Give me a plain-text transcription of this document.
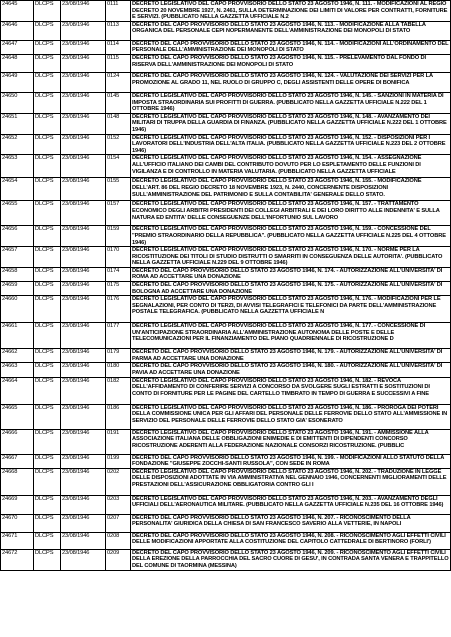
24645	DLCPS	23/08/1946	0111	DECRETO LEGISLATIVO DEL CAPO PROVVISORIO DELLO STATO 23 AGOSTO 1946, N. 111. - MODIFICAZIONI AL REGIO DECRETO 20 NOVEMBRE 1927, N. 2461, SULLA DETERMINAZIONE DEI LIMITI DI VALORE PER CONTRATTI, FORNITURE E SERVIZI. (PUBBLICATO NELLA GAZZETTA UFFICIALE N.2

24646	DLCPS	23/08/1946	0113	DECRETO DEL CAPO PROVVISORIO DELLO STATO 23 AGOSTO 1946, N. 113. - MODIFICAZIONE ALLA TABELLA ORGANICA DEL PERSONALE CEPI NOPERMANENTE DELL'AMMINISTRAZIONE DEI MONOPOLI DI STATO

24647	DLCPS	23/08/1946	0114	DECRETO DEL CAPO PROVVISORIO DELLO STATO 23 AGOSTO 1946, N. 114. - MODIFICAZIONI ALL'ORDINAMENTO DEL PERSONALE DELL'AMMINISTRAZIONE DEI MONOPOLI DI STATO

24648	DLCPS	23/08/1946	0115	DECRETO DEL CAPO PROVVISORIO DELLO STATO 23 AGOSTO 1946, N. 115. - PRELEVAMENTO DAL FONDO DI RISERVA DELL'AMMINISTRAZIONE DEI MONOPOLI DI STATO

24649	DLCPS	23/08/1946	0124	DECRETO DEL CAPO PROVVISORIO DELLO STATO 23 AGOSTO 1946, N. 124. - VALUTAZIONE DEI SERVIZI PER LA PROMOZIONE AL GRADO 11, NEL RUOLO DI GRUPPO C, DEGLI ASSISTENTI DELLE OPERE DI BONIFICA

24650	DLCPS	23/08/1946	0145	DECRETO LEGISLATIVO DEL CAPO PROVVISORIO DELLO STATO 23 AGOSTO 1946, N. 145. - SANZIONI IN MATERIA DI IMPOSTA STRAORDINARIA SUI PROFITTI DI GUERRA. (PUBBLICATO NELLA GAZZETTA UFFICIALE N.222 DEL 1 OTTOBRE 1946)

24651	DLCPS	23/08/1946	0148	DECRETO LEGISLATIVO DEL CAPO PROVVISORIO DELLO STATO 23 AGOSTO 1946, N. 148. - AVANZAMENTO DEI MILITARI DI TRUPPA DELLA GUARDIA DI FINANZA. (PUBBLICATO NELLA GAZZETTA UFFICIALE N.222 DEL 1 OTTOBRE 1946)

24652	DLCPS	23/08/1946	0152	DECRETO LEGISLATIVO DEL CAPO PROVVISORIO DELLO STATO 23 AGOSTO 1946, N. 152. - DISPOSIZIONI PER I LAVORATORI DELL'INDUSTRIA DELL'ALTA ITALIA. (PUBBLICATO NELLA GAZZETTA UFFICIALE N.223 DEL 2 OTTOBRE 1946)

24653	DLCPS	23/08/1946	0154	DECRETO LEGISLATIVO DEL CAPO PROVVISORIO DELLO STATO 23 AGOSTO 1946, N. 154. - ASSEGNAZIONE ALL'UFFICIO ITALIANO DEI CAMBI DEL CONTRIBUTO DOVUTO PER LO ESPLETAMENTO DELLE FUNZIONI DI VIGILANZA E DI CONTROLLO IN MATERIA VALUTARIA. (PUBBLICATO NELLA GAZZETTA UFFICIALE

24654	DLCPS	23/08/1946	0155	DECRETO LEGISLATIVO DEL CAPO PROVVISORIO DELLO STATO 23 AGOSTO 1946, N. 155. - MODIFICAZIONE DELL'ART. 86 DEL REGIO DECRETO 18 NOVEMBRE 1923, N. 2440, CONCERNENTE DISPOSIZIONI SULL'AMMINISTRAZIONE DEL PATRIMONIO E SULLA CONTABILITA' GENERALE DELLO STATO.

24655	DLCPS	23/08/1946	0157	DECRETO LEGISLATIVO DEL CAPO PROVVISORIO DELLO STATO 23 AGOSTO 1946, N. 157. - TRATTAMENTO ECONOMICO DEGLI ARBITRI PRESIDENTI DEI COLLEGI ARBITRALI E DEI LORO DIRITTO ALLE INDENNITA' E SULLA NATURA ED ENTITA' DELLE CONSEGUENZE DELL'INFORTUNIO SUL LAVORO

24656	DLCPS	23/08/1946	0159	DECRETO LEGISLATIVO DEL CAPO PROVVISORIO DELLO STATO 23 AGOSTO 1946, N. 159. - CONCESSIONE DEL "PREMIO STRAORDINARIO DELLA REPUBBLICA". (PUBBLICATO NELLA GAZZETTA UFFICIALE N.225 DEL 4 OTTOBRE 1946)

24657	DLCPS	23/08/1946	0170	DECRETO LEGISLATIVO DEL CAPO PROVVISORIO DELLO STATO 23 AGOSTO 1946, N. 170. - NORME PER LA RICOSTITUZIONE DEI TITOLI DI STUDIO DISTRUTTI O SMARRITI IN CONSEGUENZA DELLE AUTORITA'. (PUBBLICATO NELLA GAZZETTA UFFICIALE N.229 DEL 9 OTTOBRE 1946)

24658	DLCPS	23/08/1946	0174	DECRETO DEL CAPO PROVVISORIO DELLO STATO 23 AGOSTO 1946, N. 174. - AUTORIZZAZIONE ALL'UNIVERSITA' DI ROMA AD ACCETTARE UNA DONAZIONE

24659	DLCPS	23/08/1946	0175	DECRETO DEL CAPO PROVVISORIO DELLO STATO 23 AGOSTO 1946, N. 175. - AUTORIZZAZIONE ALL'UNIVERSITA' DI BOLOGNA AD ACCETTARE UNA DONAZIONE

24660	DLCPS	23/08/1946	0176	DECRETO LEGISLATIVO DEL CAPO PROVVISORIO DELLO STATO 23 AGOSTO 1946, N. 176. - MODIFICAZIONI PER LE SEGNALAZIONI, PER CONTO DI TERZI, DI AVVISI TELEGRAFICI E TELEFONICI DA PARTE DELL'AMMINISTRAZIONE POSTALE TELEGRAFICA. (PUBBLICATO NELLA GAZZETTA UFFICIALE N

24661	DLCPS	23/08/1946	0177	DECRETO LEGISLATIVO DEL CAPO PROVVISORIO DELLO STATO 23 AGOSTO 1946, N. 177. - CONCESSIONE DI UN'ANTICIPAZIONE STRAORDINARIA ALL'AMMINISTRAZIONE AUTONOMA DELLE POSTE E DELLE TELECOMUNICAZIONI PER IL FINANZIAMENTO DEL PIANO QUADRIENNALE DI RICOSTRUZIONE D

24662	DLCPS	23/08/1946	0179	DECRETO DEL CAPO PROVVISORIO DELLO STATO 23 AGOSTO 1946, N. 179. - AUTORIZZAZIONE ALL'UNIVERSITA' DI PARMA AD ACCETTARE UNA DONAZIONE

24663	DLCPS	23/08/1946	0180	DECRETO DEL CAPO PROVVISORIO DELLO STATO 23 AGOSTO 1946, N. 180. - AUTORIZZAZIONE ALL'UNIVERSITA' DI PAVIA AD ACCETTARE UNA DONAZIONE

24664	DLCPS	23/08/1946	0182	DECRETO LEGISLATIVO DEL CAPO PROVVISORIO DELLO STATO 23 AGOSTO 1946, N. 182. - REVOCA DELL'AFFIDAMENTO DI CONFERIRE SERVIZI A CONCORSO DA SVOLGERE SUGLI ESTRATTI E SOSTITUZIONI DI CONTO DI FORNITURE PER LE PAGINE DEL CARTELLO TIMBRATO IN TEMPO DI GUERRA E SUCCESSIVI A FINE

24665	DLCPS	23/08/1946	0186	DECRETO LEGISLATIVO DEL CAPO PROVVISORIO DELLO STATO 23 AGOSTO 1946, N. 186. - PROROGA DEI POTERI DELLA COMMISSIONE UNICA PER GLI AFFARI DEL PERSONALE DELLE FERROVIE DELLO STATO ALL'AMMISSIONE IN SERVIZIO DEL PERSONALE DELLE FERROVIE DELLO STATO GIA' ESONERATO

24666	DLCPS	23/08/1946	0191	DECRETO LEGISLATIVO DEL CAPO PROVVISORIO DELLO STATO 23 AGOSTO 1946, N. 191. - AMMISSIONE ALLA ASSOCIAZIONE ITALIANA DELLE OBBLIGAZIONI ENIMEDIE E DI EMITTENTI DI DIPENDENTI CONCORSO RICOSTRUZIONE ADERENTI ALLA FEDERAZIONE NAZIONALE CONSORZI RICOSTRUZIONE. (PUBBLIC

24667	DLCPS	23/08/1946	0199	DECRETO DEL CAPO PROVVISORIO DELLO STATO 23 AGOSTO 1946, N. 199. - MODIFICAZIONI ALLO STATUTO DELLA FONDAZIONE "GIUSEPPE ZOCCHI-SANTI RUSSOLA", CON SEDE IN ROMA

24668	DLCPS	23/08/1946	0202	DECRETO LEGISLATIVO DEL CAPO PROVVISORIO DELLO STATO 23 AGOSTO 1946, N. 202. - TRADUZIONE IN LEGGE DELLE DISPOSIZIONI ADOTTATE IN VIA AMMINISTRATIVA NEL GENNAIO 1946, CONCERNENTI MIGLIORAMENTI DELLE PRESTAZIONI DELL'ASSICURAZIONE OBBLIGATORIA CONTRO GLI I

24669	DLCPS	23/08/1946	0203	DECRETO LEGISLATIVO DEL CAPO PROVVISORIO DELLO STATO 23 AGOSTO 1946, N. 203. - AVANZAMENTO DEGLI UFFICIALI DELL'AERONAUTICA MILITARE. (PUBBLICATO NELLA GAZZETTA UFFICIALE N.235 DEL 16 OTTOBRE 1946)

24670	DLCPS	23/08/1946	0207	DECRETO DEL CAPO PROVVISORIO DELLO STATO 23 AGOSTO 1946, N. 207. - RICONOSCIMENTO DELLA PERSONALITA' GIURIDICA DELLA CHIESA DI SAN FRANCESCO SAVERIO ALLA VETTERIE, IN NAPOLI

24671	DLCPS	23/08/1946	0208	DECRETO DEL CAPO PROVVISORIO DELLO STATO 23 AGOSTO 1946, N. 208. - RICONOSCIMENTO AGLI EFFETTI CIVILI DELLE MODIFICAZIONI APPORTATE ALLA COSTITUZIONE DEL CAPITOLO CATTEDRALE DI BERTINORO (FORLI')

24672	DLCPS	23/08/1946	0209	DECRETO DEL CAPO PROVVISORIO DELLO STATO 23 AGOSTO 1946, N. 209. - RICONOSCIMENTO AGLI EFFETTI CIVILI DELLA EREZIONE DELLA PARROCCHIA DEL SACRO CUORE DI GESU', IN CONTRADA SANTA VENERA E TRAPPITELLO DEL COMUNE DI TAORMINA (MESSINA)
